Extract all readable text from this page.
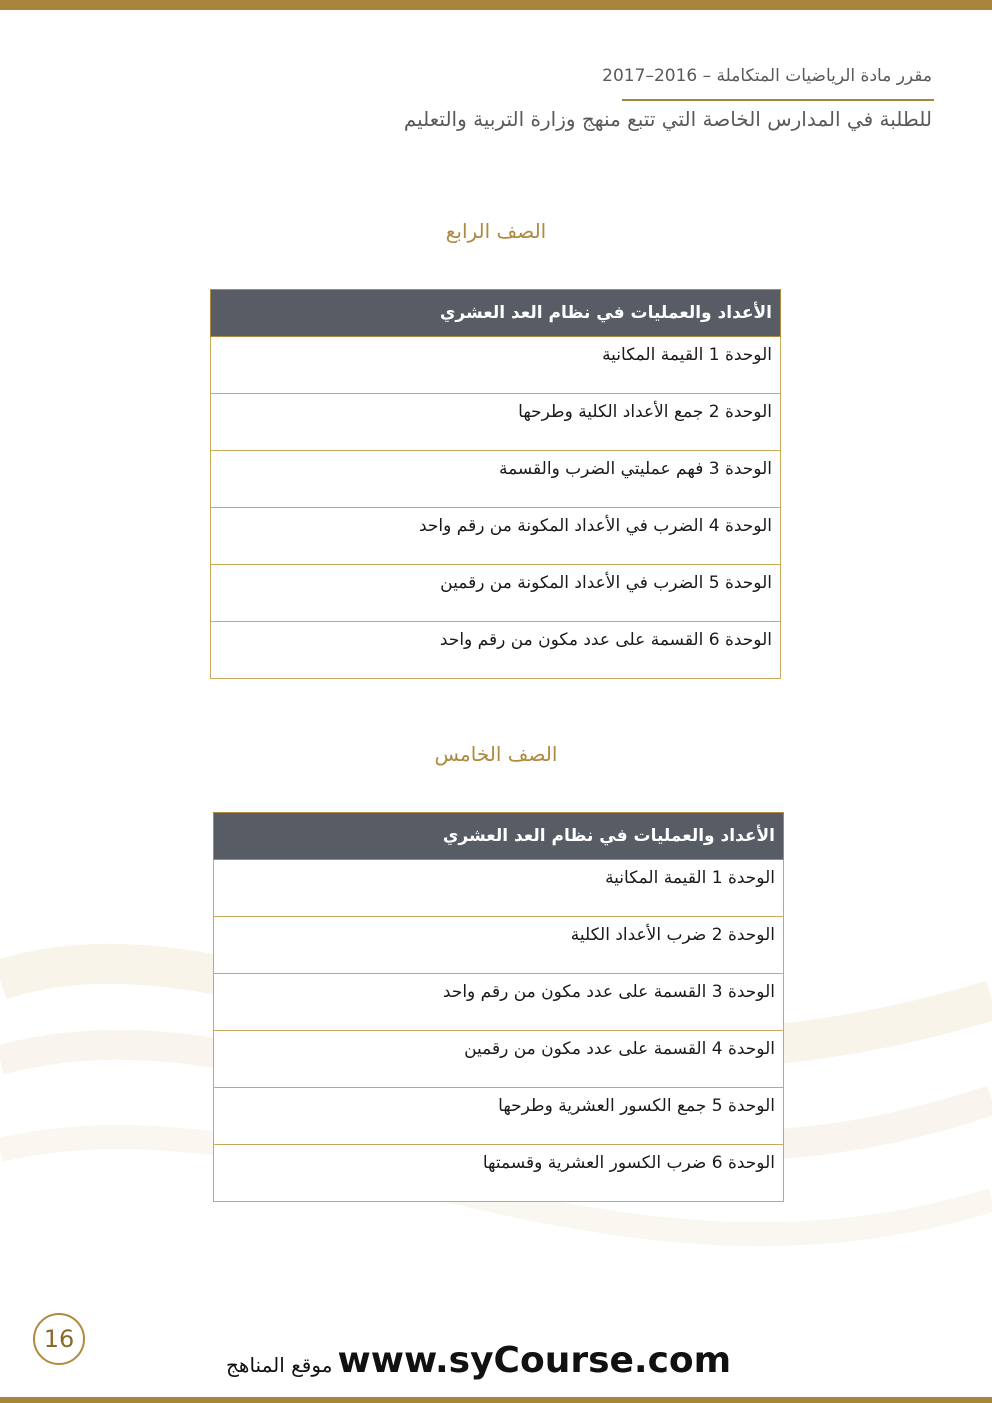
مقرر مادة الرياضيات المتكاملة – 2016–2017
للطلبة في المدارس الخاصة التي تتبع منهج وزارة التربية والتعليم
الصف الرابع
الأعداد والعمليات في نظام العد العشري
الوحدة 1 القيمة المكانية
الوحدة 2 جمع الأعداد الكلية وطرحها
الوحدة 3 فهم عمليتي الضرب والقسمة
الوحدة 4 الضرب في الأعداد المكونة من رقم واحد
الوحدة 5 الضرب في الأعداد المكونة من رقمين
الوحدة 6 القسمة على عدد مكون من رقم واحد
الصف الخامس
الأعداد والعمليات في نظام العد العشري
الوحدة 1 القيمة المكانية
الوحدة 2 ضرب الأعداد الكلية
الوحدة 3 القسمة على عدد مكون من رقم واحد
الوحدة 4 القسمة على عدد مكون من رقمين
الوحدة 5 جمع الكسور العشرية وطرحها
الوحدة 6 ضرب الكسور العشرية وقسمتها
16
موقع المناهج www.syCourse.com
